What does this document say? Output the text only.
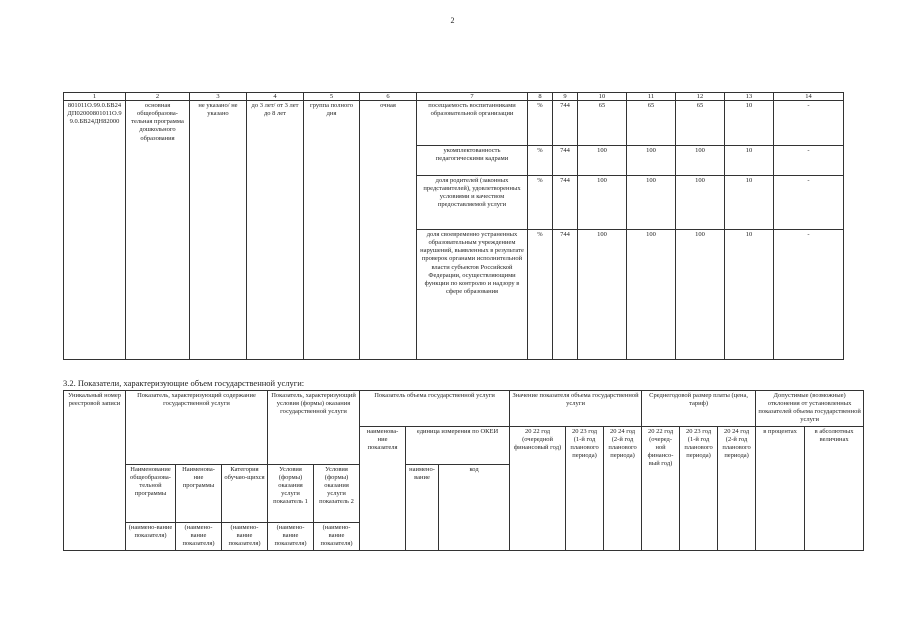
2
1	2	3	4	5	6	7	8	9	10	11	12	13	14
801011О.99.0.БВ24ДП02000801011О.99.0.БВ24ДН82000	основная общеобразова-тельная программа дошкольного образования	не указано/ не указано	до 3 лет/ от 3 лет до 8 лет	группа полного дня	очная	посещаемость воспитанниками образовательной организации	%	744	65	65	65	10	-
						укомплектованность педагогическими кадрами	%	744	100	100	100	10	-
						доля родителей (законных представителей), удовлетворенных условиями и качеством предоставляемой услуги	%	744	100	100	100	10	-
						доля своевременно устраненных образовательным учреждением нарушений, выявленных в результате проверок органами исполнительной власти субъектов Российской Федерации, осуществляющими функции по контролю и надзору в сфере образования	%	744	100	100	100	10	-
3.2. Показатели, характеризующие объем государственной услуги:
Уникальный номер реестровой записи	Показатель, характеризующий содержание государственной услуги			Показатель, характеризующий условия (формы) оказания государственной услуги		Показатель объема государственной услуги			Значение показателя объема государственной услуги			Среднегодовой размер платы (цена, тариф)			Допустимые (возможные) отклонения от установленных показателей объема государственной услуги	
						наименова-ние показателя	единица измерения по ОКЕИ		20 22 год (очередной финансовый год)	20 23 год (1-й год планового периода)	20 24 год (2-й год планового периода)	20 22 год (очеред-ной финансо-вый год)	20 23 год (1-й год планового периода)	20 24 год (2-й год планового периода)	в процентах	в абсолютных величинах
	Наименование общеобразова-тельной программы	Наименова-ние программы	Категория обучаю-щихся	Условия (формы) оказания услуги показатель 1	Условия (формы) оказания услуги показатель 2		наимено-вание	код								

	(наимено-вание показателя)	(наимено-вание показателя)	(наимено-вание показателя)	(наимено-вание показателя)	(наимено-вание показателя)											
